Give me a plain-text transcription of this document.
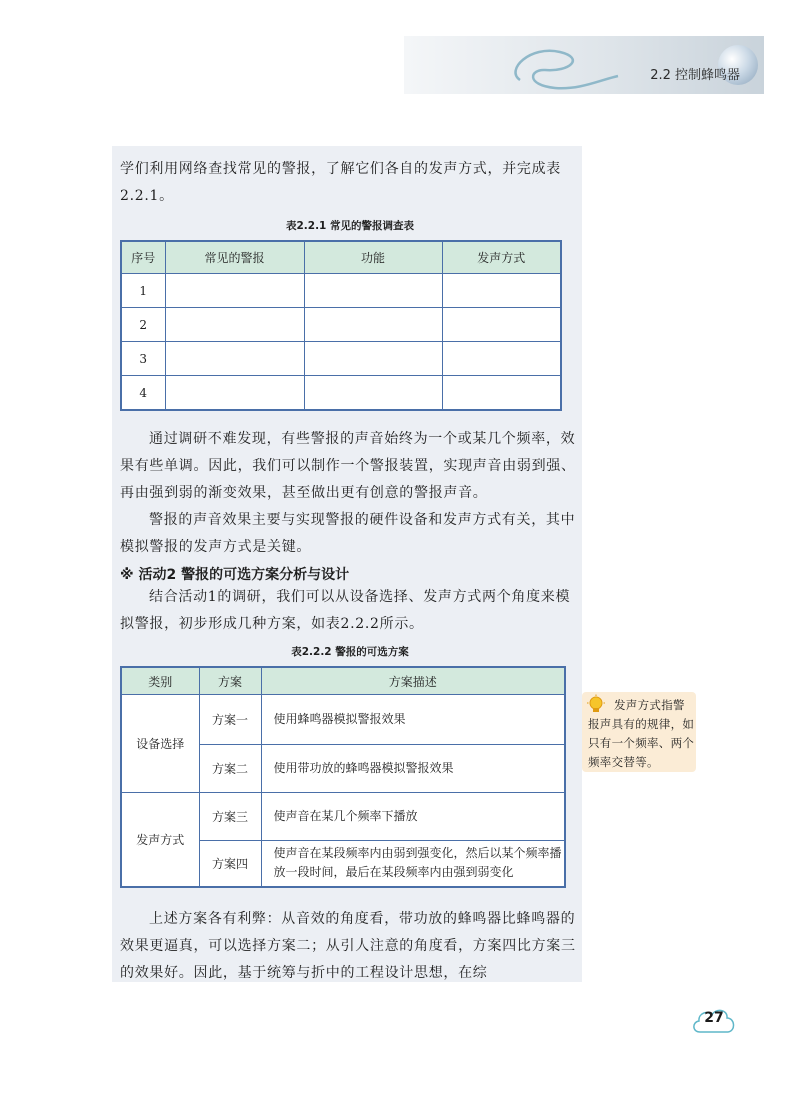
2.2 控制蜂鸣器

学们利用网络查找常见的警报，了解它们各自的发声方式，并完成表2.2.1。

表2.2.1 常见的警报调查表
序号	常见的警报	功能	发声方式
1			
2			
3			
4			

通过调研不难发现，有些警报的声音始终为一个或某几个频率，效果有些单调。因此，我们可以制作一个警报装置，实现声音由弱到强、再由强到弱的渐变效果，甚至做出更有创意的警报声音。

警报的声音效果主要与实现警报的硬件设备和发声方式有关，其中模拟警报的发声方式是关键。

※ 活动2 警报的可选方案分析与设计

结合活动1的调研，我们可以从设备选择、发声方式两个角度来模拟警报，初步形成几种方案，如表2.2.2所示。

表2.2.2 警报的可选方案
类别	方案	方案描述
设备选择	方案一	使用蜂鸣器模拟警报效果
	方案二	使用带功放的蜂鸣器模拟警报效果
发声方式	方案三	使声音在某几个频率下播放
	方案四	使声音在某段频率内由弱到强变化，然后以某个频率播放一段时间，最后在某段频率内由强到弱变化

发声方式指警报声具有的规律，如只有一个频率、两个频率交替等。

上述方案各有利弊：从音效的角度看，带功放的蜂鸣器比蜂鸣器的效果更逼真，可以选择方案二；从引人注意的角度看，方案四比方案三的效果好。因此，基于统筹与折中的工程设计思想，在综

27
